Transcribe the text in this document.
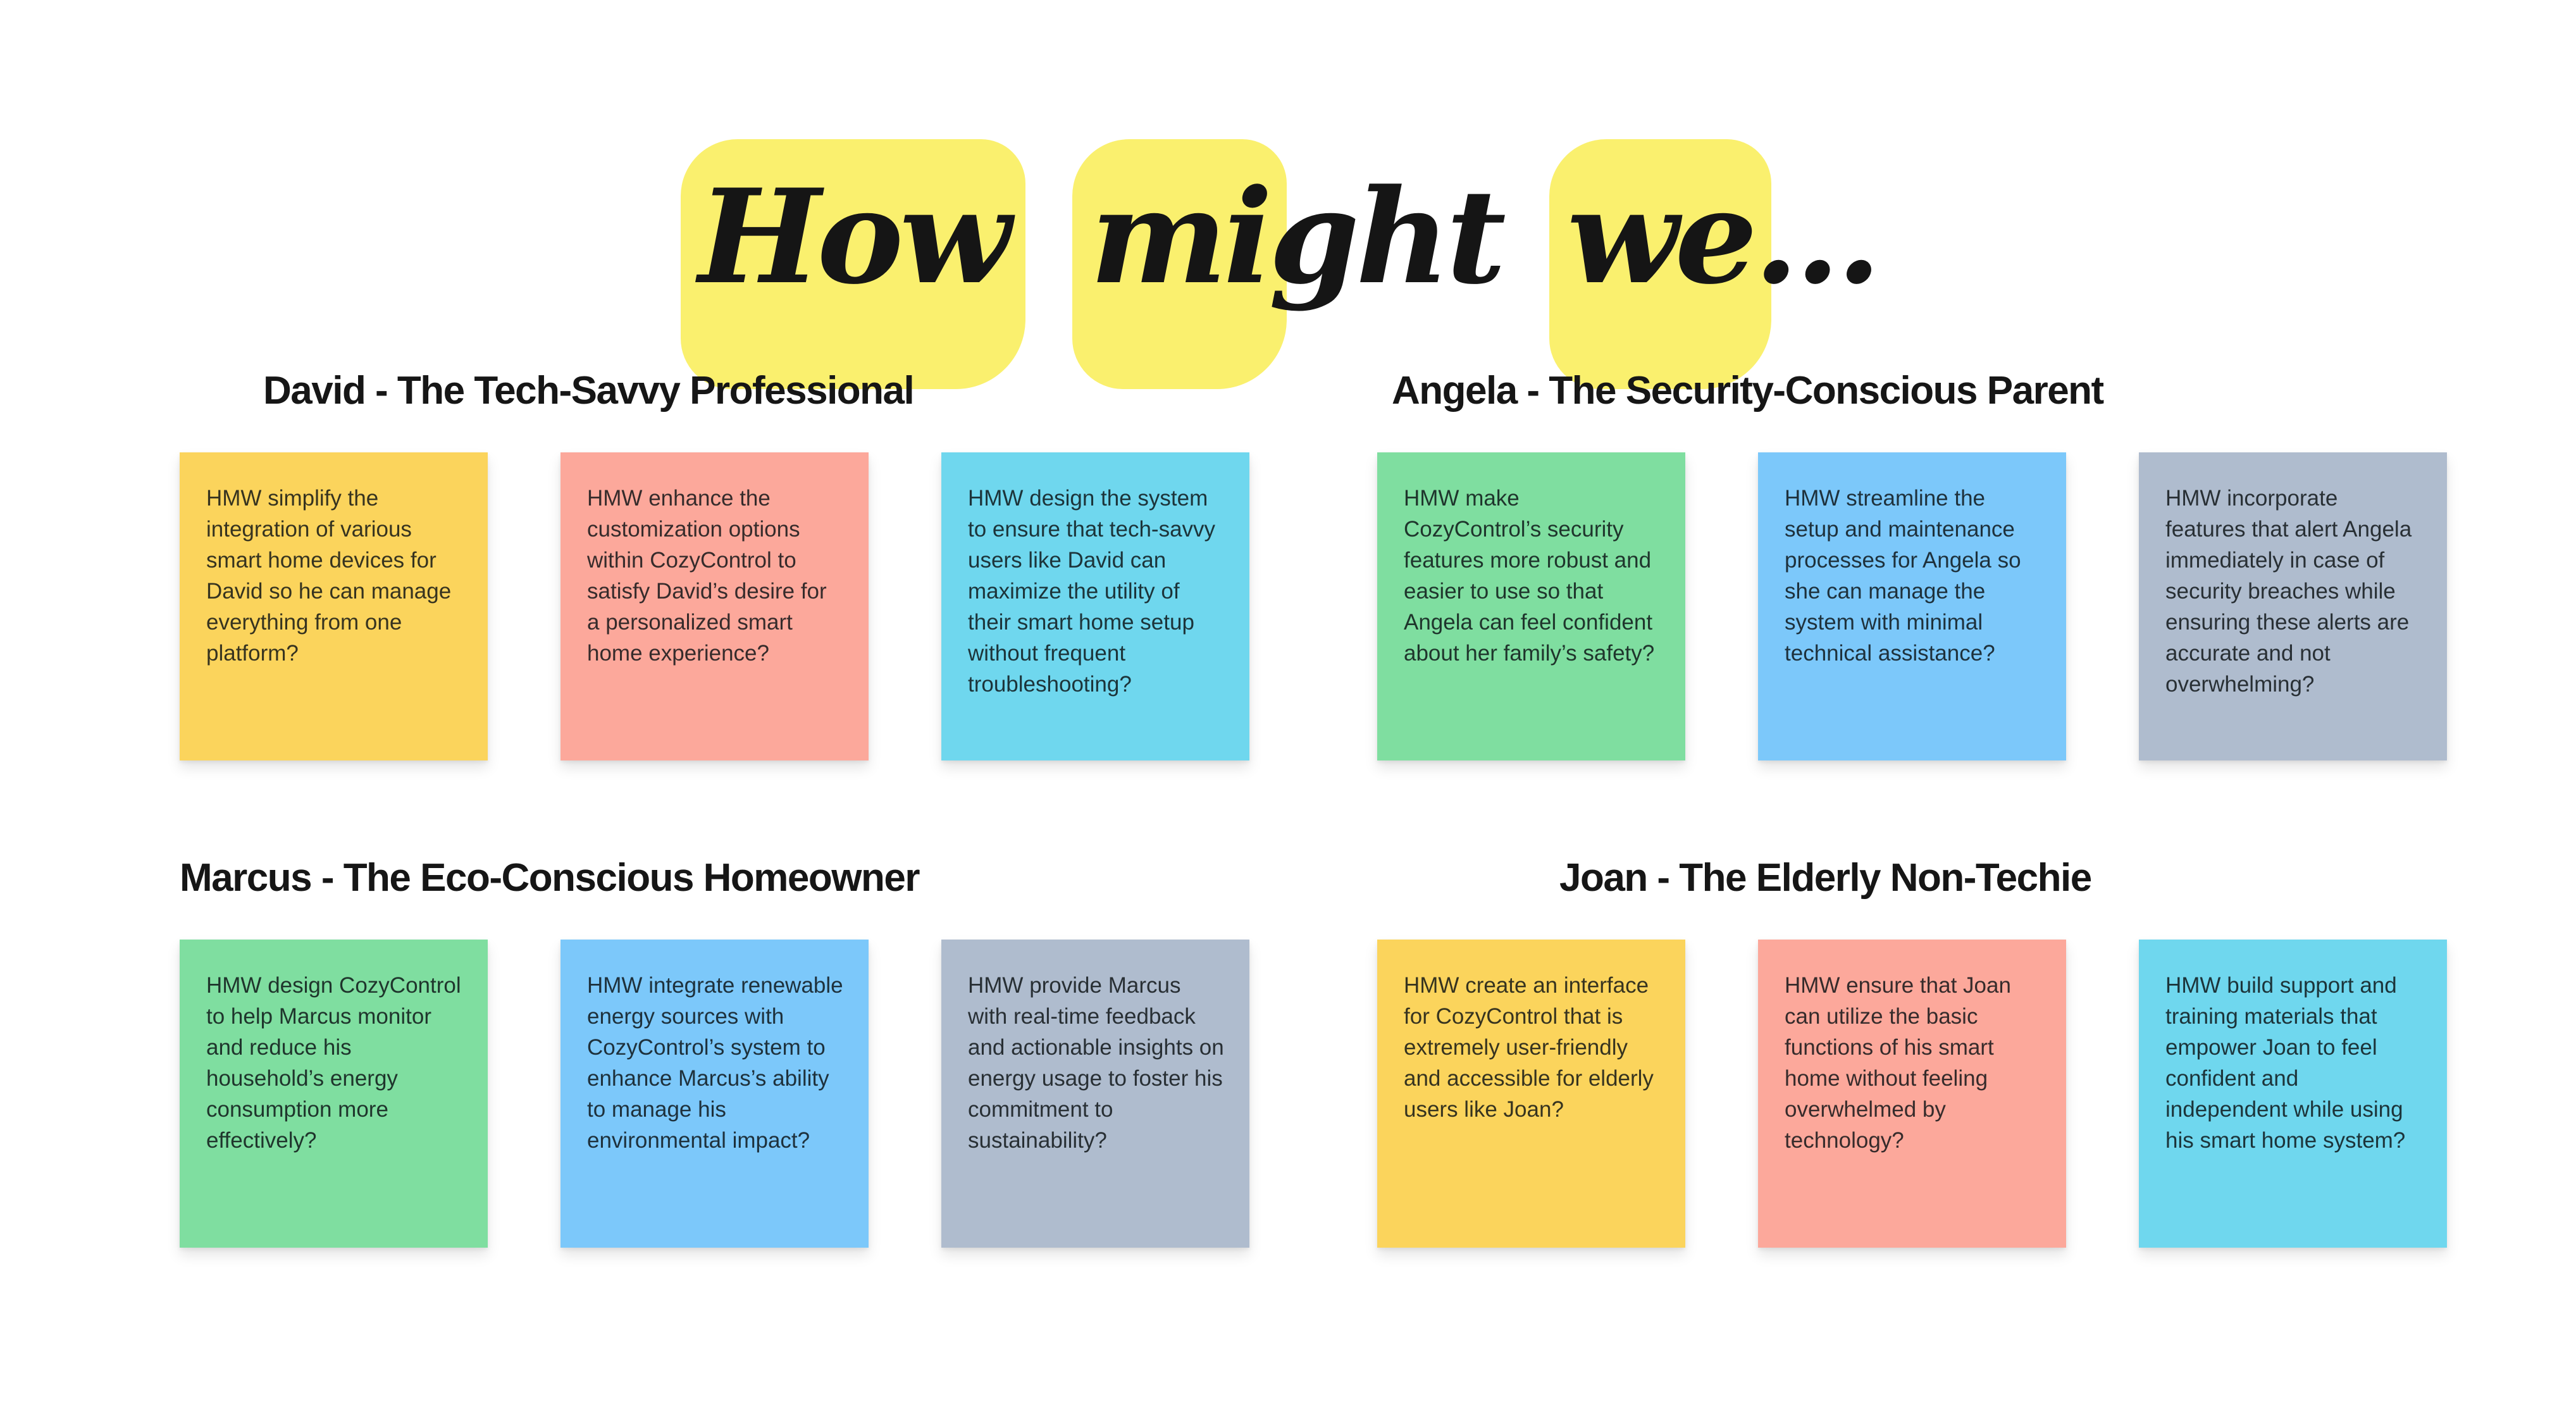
How might we...
David - The Tech-Savvy Professional
HMW simplify the integration of various smart home devices for David so he can manage everything from one platform?
HMW enhance the customization options within CozyControl to satisfy David’s desire for a personalized smart home experience?
HMW design the system to ensure that tech-savvy users like David can maximize the utility of their smart home setup without frequent troubleshooting?
Angela - The Security-Conscious Parent
HMW make CozyControl’s security features more robust and easier to use so that Angela can feel confident about her family’s safety?
HMW streamline the setup and maintenance processes for Angela so she can manage the system with minimal technical assistance?
HMW incorporate features that alert Angela immediately in case of security breaches while ensuring these alerts are accurate and not overwhelming?
Marcus - The Eco-Conscious Homeowner
HMW design CozyControl to help Marcus monitor and reduce his household’s energy consumption more effectively?
HMW integrate renewable energy sources with CozyControl’s system to enhance Marcus’s ability to manage his environmental impact?
HMW provide Marcus with real-time feedback and actionable insights on energy usage to foster his commitment to sustainability?
Joan - The Elderly Non-Techie
HMW create an interface for CozyControl that is extremely user-friendly and accessible for elderly users like Joan?
HMW ensure that Joan can utilize the basic functions of his smart home without feeling overwhelmed by technology?
HMW build support and training materials that empower Joan to feel confident and independent while using his smart home system?
